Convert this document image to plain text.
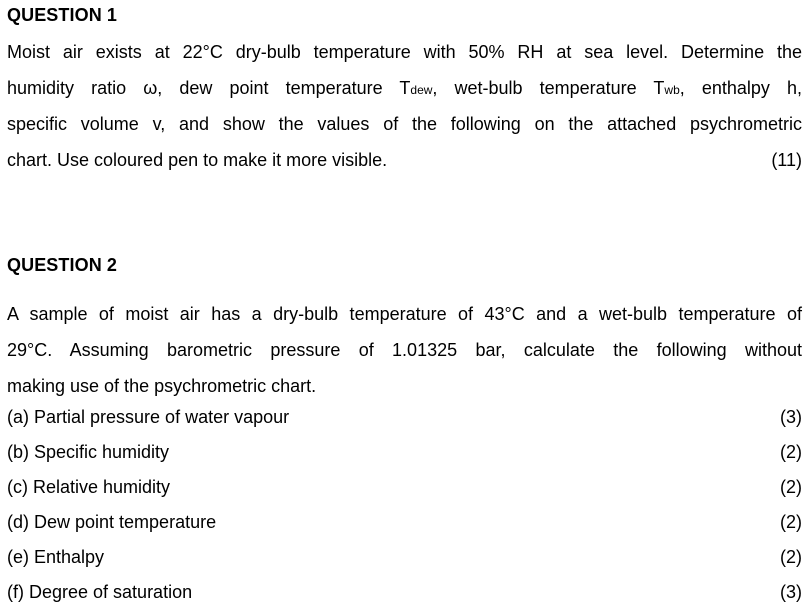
QUESTION 1
Moist air exists at 22°C dry-bulb temperature with 50% RH at sea level. Determine the
humidity ratio ω, dew point temperature Tdew, wet-bulb temperature Twb, enthalpy h,
specific volume v, and show the values of the following on the attached psychrometric
chart. Use coloured pen to make it more visible.	(11)
QUESTION 2
A sample of moist air has a dry-bulb temperature of 43°C and a wet-bulb temperature of
29°C. Assuming barometric pressure of 1.01325 bar, calculate the following without
making use of the psychrometric chart.
(a) Partial pressure of water vapour	(3)
(b) Specific humidity	(2)
(c) Relative humidity	(2)
(d) Dew point temperature	(2)
(e) Enthalpy	(2)
(f) Degree of saturation	(3)
